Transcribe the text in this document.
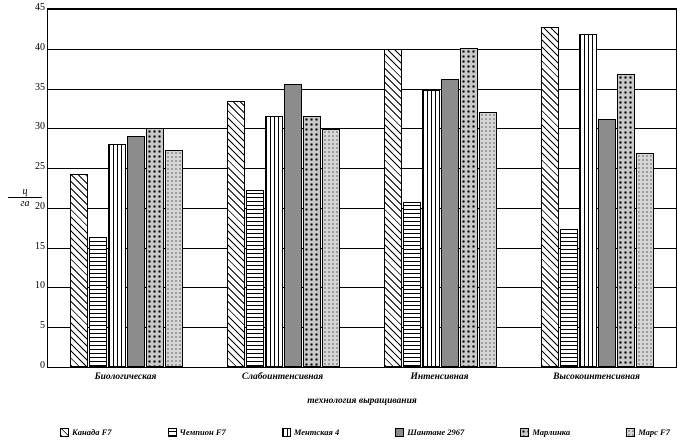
ц
га
0
5
10
15
20
25
30
35
40
45
Биологическая	Слабоинтенсивная	Интенсивная	Высокоинтенсивная
технология выращивания
Канада F7	Чемпион F7	Ментская 4	Шантане 2967	Марлинка	Марс F7
